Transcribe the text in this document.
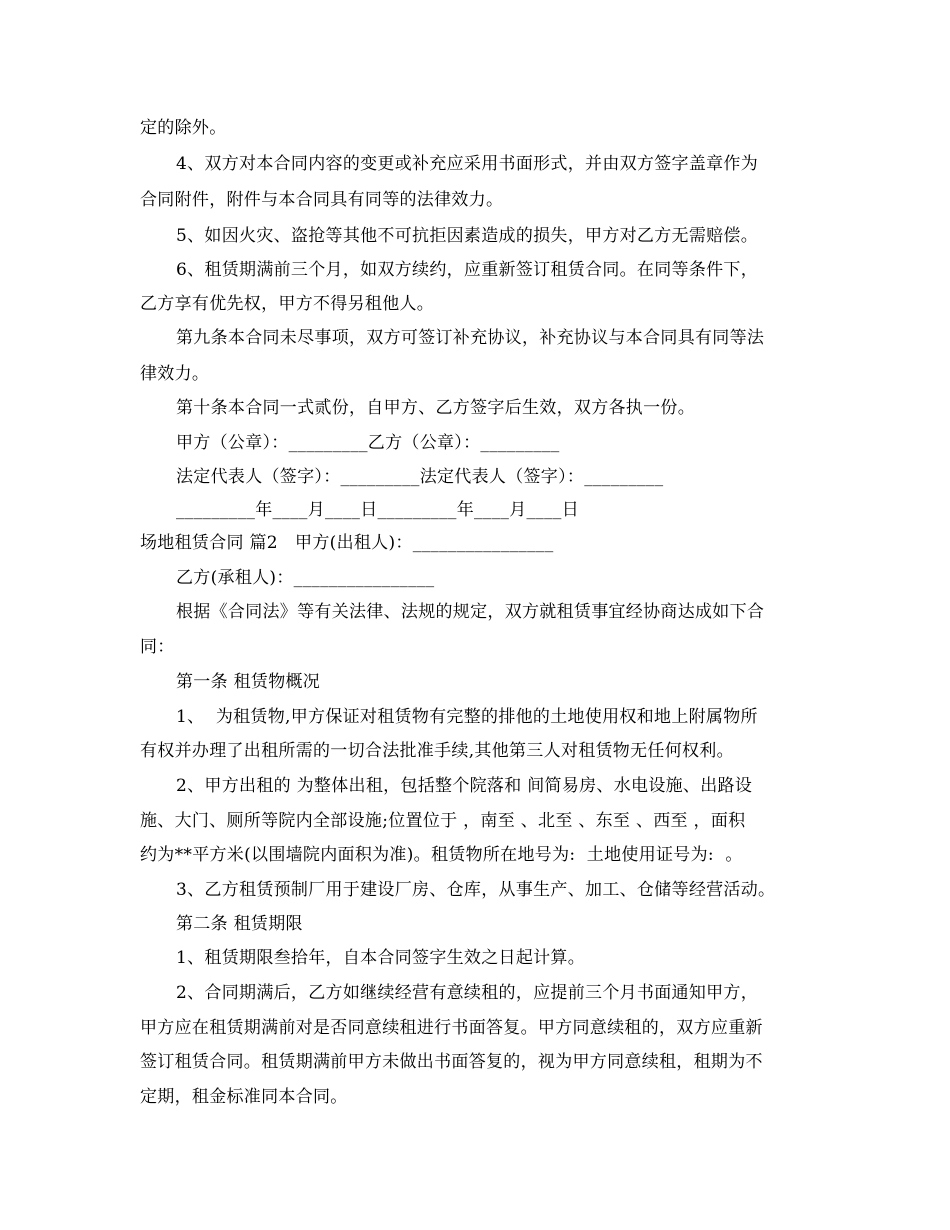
定的除外。
4、双方对本合同内容的变更或补充应采用书面形式，并由双方签字盖章作为
合同附件，附件与本合同具有同等的法律效力。
5、如因火灾、盗抢等其他不可抗拒因素造成的损失，甲方对乙方无需赔偿。
6、租赁期满前三个月，如双方续约，应重新签订租赁合同。在同等条件下，
乙方享有优先权，甲方不得另租他人。
第九条本合同未尽事项，双方可签订补充协议，补充协议与本合同具有同等法
律效力。
第十条本合同一式贰份，自甲方、乙方签字后生效，双方各执一份。
甲方（公章）：_________乙方（公章）：_________
法定代表人（签字）：_________法定代表人（签字）：_________
_________年____月____日_________年____月____日
场地租赁合同 篇2   甲方(出租人)：________________
乙方(承租人)：________________
根据《合同法》等有关法律、法规的规定，双方就租赁事宜经协商达成如下合
同：
第一条 租赁物概况
1、  为租赁物,甲方保证对租赁物有完整的排他的土地使用权和地上附属物所
有权并办理了出租所需的一切合法批准手续,其他第三人对租赁物无任何权利。
2、甲方出租的 为整体出租，包括整个院落和 间简易房、水电设施、出路设
施、大门、厕所等院内全部设施;位置位于 ，南至 、北至 、东至 、西至 ，面积
约为**平方米(以围墙院内面积为准)。租赁物所在地号为:  土地使用证号为:  。
3、乙方租赁预制厂用于建设厂房、仓库，从事生产、加工、仓储等经营活动。
第二条 租赁期限
1、租赁期限叁拾年，自本合同签字生效之日起计算。
2、合同期满后，乙方如继续经营有意续租的，应提前三个月书面通知甲方，
甲方应在租赁期满前对是否同意续租进行书面答复。甲方同意续租的，双方应重新
签订租赁合同。租赁期满前甲方未做出书面答复的，视为甲方同意续租，租期为不
定期，租金标准同本合同。
